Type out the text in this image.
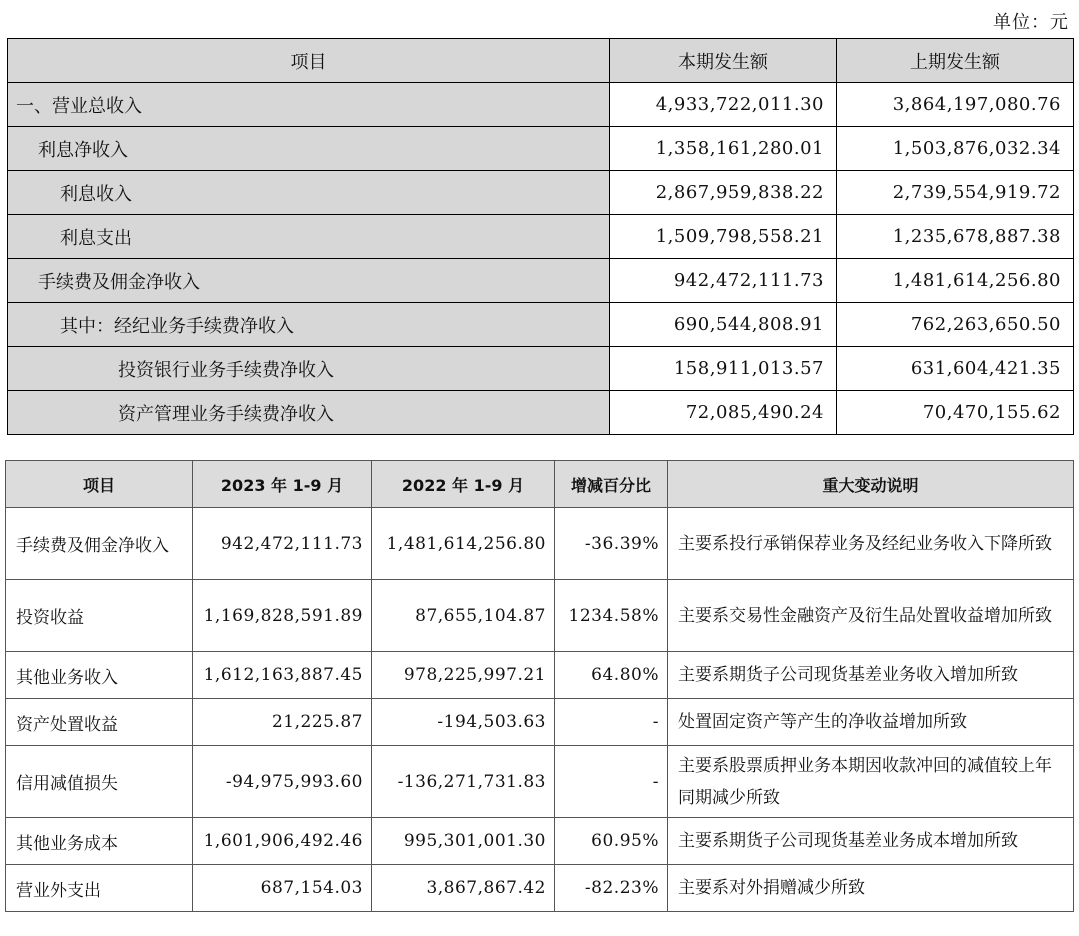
单位：元
项目	本期发生额	上期发生额
一、营业总收入	4,933,722,011.30	3,864,197,080.76
利息净收入	1,358,161,280.01	1,503,876,032.34
利息收入	2,867,959,838.22	2,739,554,919.72
利息支出	1,509,798,558.21	1,235,678,887.38
手续费及佣金净收入	942,472,111.73	1,481,614,256.80
其中：经纪业务手续费净收入	690,544,808.91	762,263,650.50
投资银行业务手续费净收入	158,911,013.57	631,604,421.35
资产管理业务手续费净收入	72,085,490.24	70,470,155.62
项目	2023 年 1-9 月	2022 年 1-9 月	增减百分比	重大变动说明
手续费及佣金净收入	942,472,111.73	1,481,614,256.80	-36.39%	主要系投行承销保荐业务及经纪业务收入下降所致
投资收益	1,169,828,591.89	87,655,104.87	1234.58%	主要系交易性金融资产及衍生品处置收益增加所致
其他业务收入	1,612,163,887.45	978,225,997.21	64.80%	主要系期货子公司现货基差业务收入增加所致
资产处置收益	21,225.87	-194,503.63	-	处置固定资产等产生的净收益增加所致
信用减值损失	-94,975,993.60	-136,271,731.83	-	主要系股票质押业务本期因收款冲回的减值较上年同期减少所致
其他业务成本	1,601,906,492.46	995,301,001.30	60.95%	主要系期货子公司现货基差业务成本增加所致
营业外支出	687,154.03	3,867,867.42	-82.23%	主要系对外捐赠减少所致
